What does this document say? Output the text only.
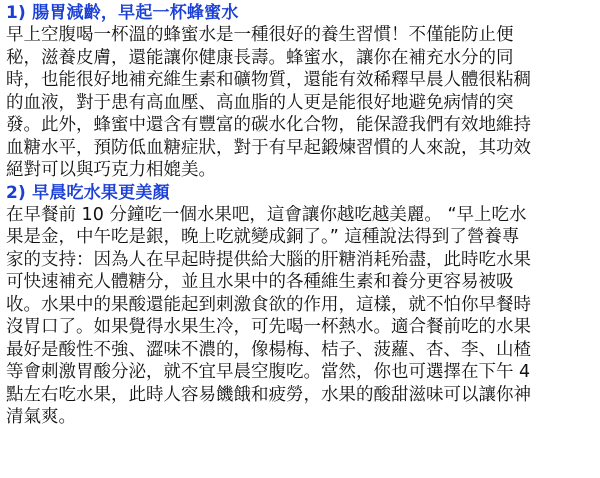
1) 腸胃減齡，早起一杯蜂蜜水
早上空腹喝一杯溫的蜂蜜水是一種很好的養生習慣！不僅能防止便
秘，滋養皮膚，還能讓你健康長壽。蜂蜜水，讓你在補充水分的同
時，也能很好地補充維生素和礦物質，還能有效稀釋早晨人體很粘稠
的血液，對于患有高血壓、高血脂的人更是能很好地避免病情的突
發。此外，蜂蜜中還含有豐富的碳水化合物，能保證我們有效地維持
血糖水平，預防低血糖症狀，對于有早起鍛煉習慣的人來說，其功效
絕對可以與巧克力相媲美。
2) 早晨吃水果更美顏
在早餐前 10 分鐘吃一個水果吧，這會讓你越吃越美麗。 “早上吃水
果是金，中午吃是銀，晚上吃就變成銅了。” 這種說法得到了營養專
家的支持：因為人在早起時提供給大腦的肝糖消耗殆盡，此時吃水果
可快速補充人體糖分，並且水果中的各種維生素和養分更容易被吸
收。水果中的果酸還能起到刺激食欲的作用，這樣，就不怕你早餐時
沒胃口了。如果覺得水果生冷，可先喝一杯熱水。適合餐前吃的水果
最好是酸性不強、澀味不濃的，像楊梅、桔子、菠蘿、杏、李、山楂
等會刺激胃酸分泌，就不宜早晨空腹吃。當然，你也可選擇在下午 4
點左右吃水果，此時人容易饑餓和疲勞，水果的酸甜滋味可以讓你神
清氣爽。
